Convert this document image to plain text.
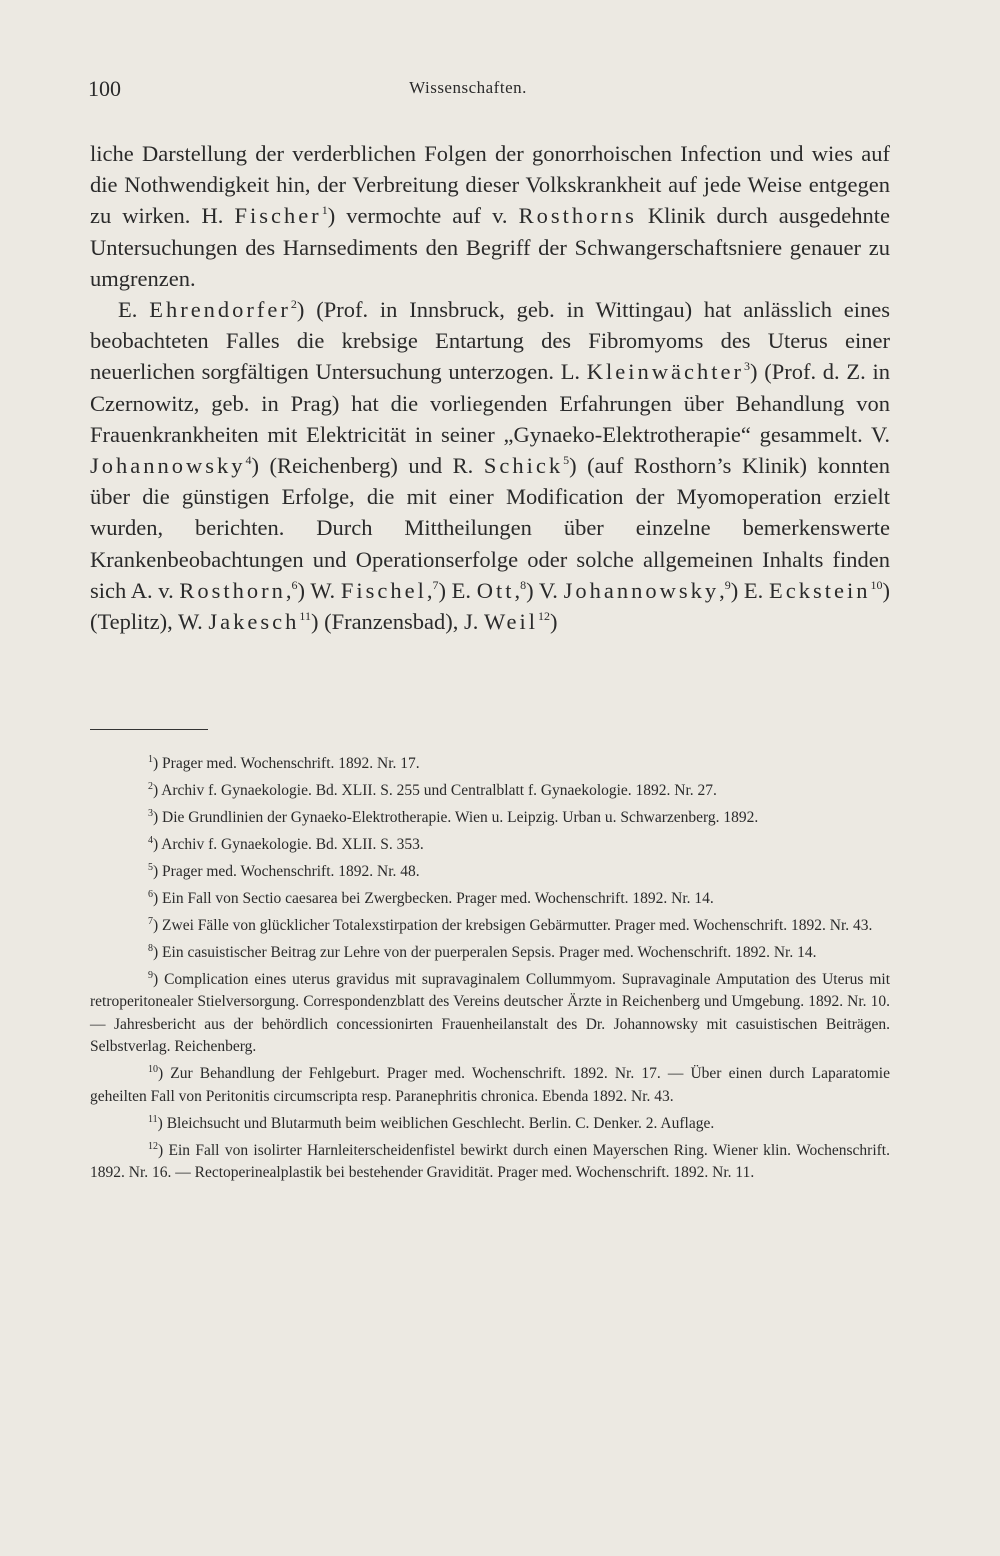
100	Wissenschaften.

liche Darstellung der verderblichen Folgen der gonorrhoischen Infection und wies auf die Nothwendigkeit hin, der Verbreitung dieser Volkskrankheit auf jede Weise entgegen zu wirken. H. Fischer$^1$) vermochte auf v. Rosthorns Klinik durch ausgedehnte Untersuchungen des Harnsediments den Begriff der Schwangerschaftsniere genauer zu umgrenzen.

E. Ehrendorfer$^2$) (Prof. in Innsbruck, geb. in Wittingau) hat anlässlich eines beobachteten Falles die krebsige Entartung des Fibromyoms des Uterus einer neuerlichen sorgfältigen Untersuchung unterzogen. L. Kleinwächter$^3$) (Prof. d. Z. in Czernowitz, geb. in Prag) hat die vorliegenden Erfahrungen über Behandlung von Frauenkrankheiten mit Elektricität in seiner „Gynaeko-Elektrotherapie“ gesammelt. V. Johannowsky$^4$) (Reichenberg) und R. Schick$^5$) (auf Rosthorn’s Klinik) konnten über die günstigen Erfolge, die mit einer Modification der Myomoperation erzielt wurden, berichten. Durch Mittheilungen über einzelne bemerkenswerte Krankenbeobachtungen und Operationserfolge oder solche allgemeinen Inhalts finden sich A. v. Rosthorn,$^6$) W. Fischel,$^7$) E. Ott,$^8$) V. Johannowsky,$^9$) E. Eckstein$^{10}$) (Teplitz), W. Jakesch$^{11}$) (Franzensbad), J. Weil$^{12}$)

$^1$) Prager med. Wochenschrift. 1892. Nr. 17.

$^2$) Archiv f. Gynaekologie. Bd. XLII. S. 255 und Centralblatt f. Gynaekologie. 1892. Nr. 27.

$^3$) Die Grundlinien der Gynaeko-Elektrotherapie. Wien u. Leipzig. Urban u. Schwarzenberg. 1892.

$^4$) Archiv f. Gynaekologie. Bd. XLII. S. 353.

$^5$) Prager med. Wochenschrift. 1892. Nr. 48.

$^6$) Ein Fall von Sectio caesarea bei Zwergbecken. Prager med. Wochenschrift. 1892. Nr. 14.

$^7$) Zwei Fälle von glücklicher Totalexstirpation der krebsigen Gebärmutter. Prager med. Wochenschrift. 1892. Nr. 43.

$^8$) Ein casuistischer Beitrag zur Lehre von der puerperalen Sepsis. Prager med. Wochenschrift. 1892. Nr. 14.

$^9$) Complication eines uterus gravidus mit supravaginalem Collummyom. Supravaginale Amputation des Uterus mit retroperitonealer Stielversorgung. Correspondenzblatt des Vereins deutscher Ärzte in Reichenberg und Umgebung. 1892. Nr. 10. — Jahresbericht aus der behördlich concessionirten Frauenheilanstalt des Dr. Johannowsky mit casuistischen Beiträgen. Selbstverlag. Reichenberg.

$^{10}$) Zur Behandlung der Fehlgeburt. Prager med. Wochenschrift. 1892. Nr. 17. — Über einen durch Laparatomie geheilten Fall von Peritonitis circumscripta resp. Paranephritis chronica. Ebenda 1892. Nr. 43.

$^{11}$) Bleichsucht und Blutarmuth beim weiblichen Geschlecht. Berlin. C. Denker. 2. Auflage.

$^{12}$) Ein Fall von isolirter Harnleiterscheidenfistel bewirkt durch einen Mayerschen Ring. Wiener klin. Wochenschrift. 1892. Nr. 16. — Rectoperinealplastik bei bestehender Gravidität. Prager med. Wochenschrift. 1892. Nr. 11.
